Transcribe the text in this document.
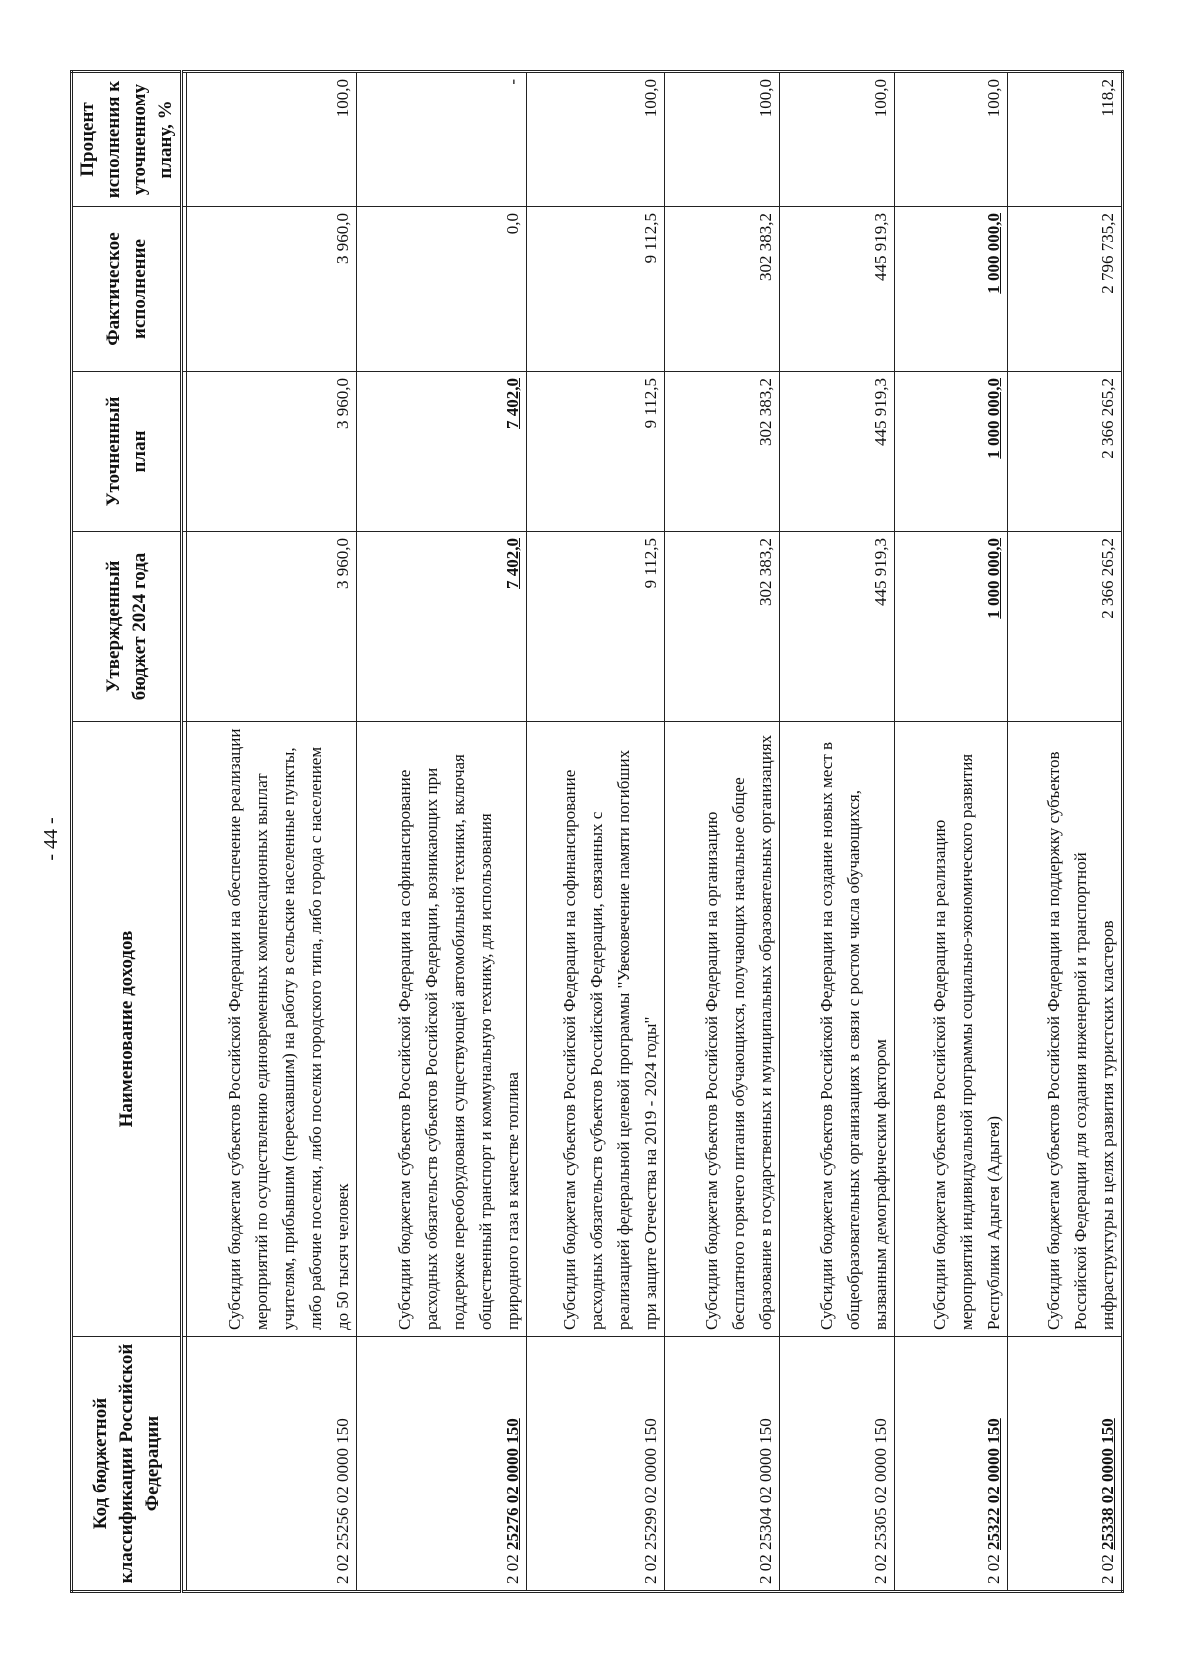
- 44 -
Код бюджетной классификации Российской Федерации	Наименование доходов	Утвержденный бюджет 2024 года	Уточненный план	Фактическое исполнение	Процент исполнения к уточненному плану, %

2 02 25256 02 0000 150	Субсидии бюджетам субъектов Российской Федерации на обеспечение реализации мероприятий по осуществлению единовременных компенсационных выплат учителям, прибывшим (переехавшим) на работу в сельские населенные пункты, либо рабочие поселки, либо поселки городского типа, либо города с населением до 50 тысяч человек	3 960,0	3 960,0	3 960,0	100,0
2 02 25276 02 0000 150	Субсидии бюджетам субъектов Российской Федерации на софинансирование расходных обязательств субъектов Российской Федерации, возникающих при поддержке переоборудования существующей автомобильной техники, включая общественный транспорт и коммунальную технику, для использования природного газа в качестве топлива	7 402,0	7 402,0	0,0	-
2 02 25299 02 0000 150	Субсидии бюджетам субъектов Российской Федерации на софинансирование расходных обязательств субъектов Российской Федерации, связанных с реализацией федеральной целевой программы "Увековечение памяти погибших при защите Отечества на 2019 - 2024 годы"	9 112,5	9 112,5	9 112,5	100,0
2 02 25304 02 0000 150	Субсидии бюджетам субъектов Российской Федерации на организацию бесплатного горячего питания обучающихся, получающих начальное общее образование в государственных и муниципальных образовательных организациях	302 383,2	302 383,2	302 383,2	100,0
2 02 25305 02 0000 150	Субсидии бюджетам субъектов Российской Федерации на создание новых мест в общеобразовательных организациях в связи с ростом числа обучающихся, вызванным демографическим фактором	445 919,3	445 919,3	445 919,3	100,0
2 02 25322 02 0000 150	Субсидии бюджетам субъектов Российской Федерации на реализацию мероприятий индивидуальной программы социально-экономического развития Республики Адыгея (Адыгея)	1 000 000,0	1 000 000,0	1 000 000,0	100,0
2 02 25338 02 0000 150	Субсидии бюджетам субъектов Российской Федерации на поддержку субъектов Российской Федерации для создания инженерной и транспортной инфраструктуры в целях развития туристских кластеров	2 366 265,2	2 366 265,2	2 796 735,2	118,2
